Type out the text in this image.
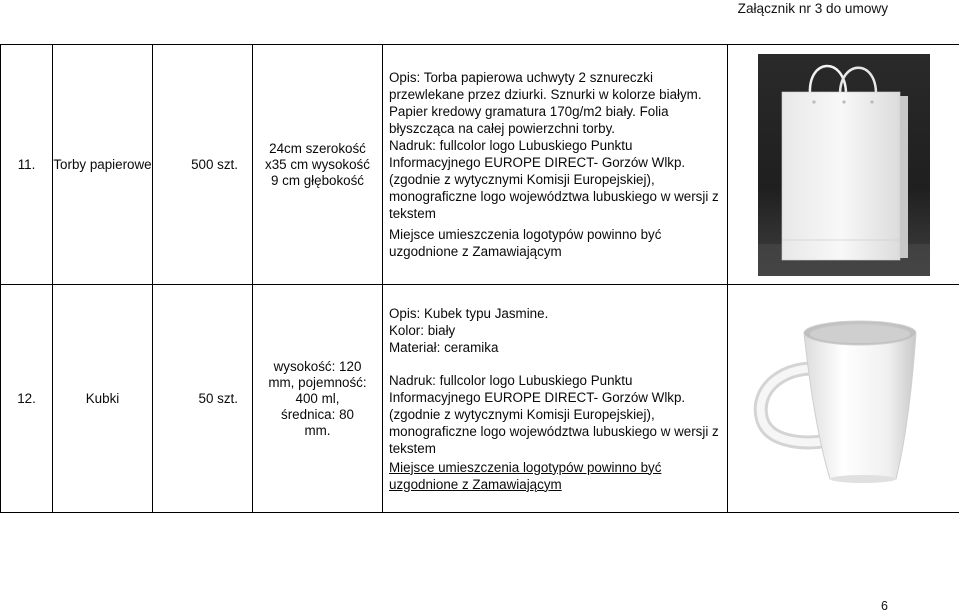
Załącznik nr 3 do umowy
11.	Torby papierowe	500 szt.	24cm szerokość x35 cm wysokość 9 cm głębokość	Opis: Torba papierowa uchwyty 2 sznureczki przewlekane przez dziurki. Sznurki w kolorze białym. Papier kredowy gramatura 170g/m2 biały. Folia błyszcząca na całej powierzchni torby.

Nadruk: fullcolor logo Lubuskiego Punktu Informacyjnego EUROPE DIRECT- Gorzów Wlkp. (zgodnie z wytycznymi Komisji Europejskiej), monograficzne logo województwa lubuskiego w wersji z tekstem

Miejsce umieszczenia logotypów powinno być uzgodnione z Zamawiającym

12.	Kubki	50 szt.	wysokość: 120 mm, pojemność: 400 ml, średnica: 80 mm.	Opis: Kubek typu Jasmine.

Kolor: biały

Materiał: ceramika

Nadruk: fullcolor logo Lubuskiego Punktu Informacyjnego EUROPE DIRECT- Gorzów Wlkp. (zgodnie z wytycznymi Komisji Europejskiej), monograficzne logo województwa lubuskiego w wersji z tekstem

Miejsce umieszczenia logotypów powinno być uzgodnione z Zamawiającym

6
